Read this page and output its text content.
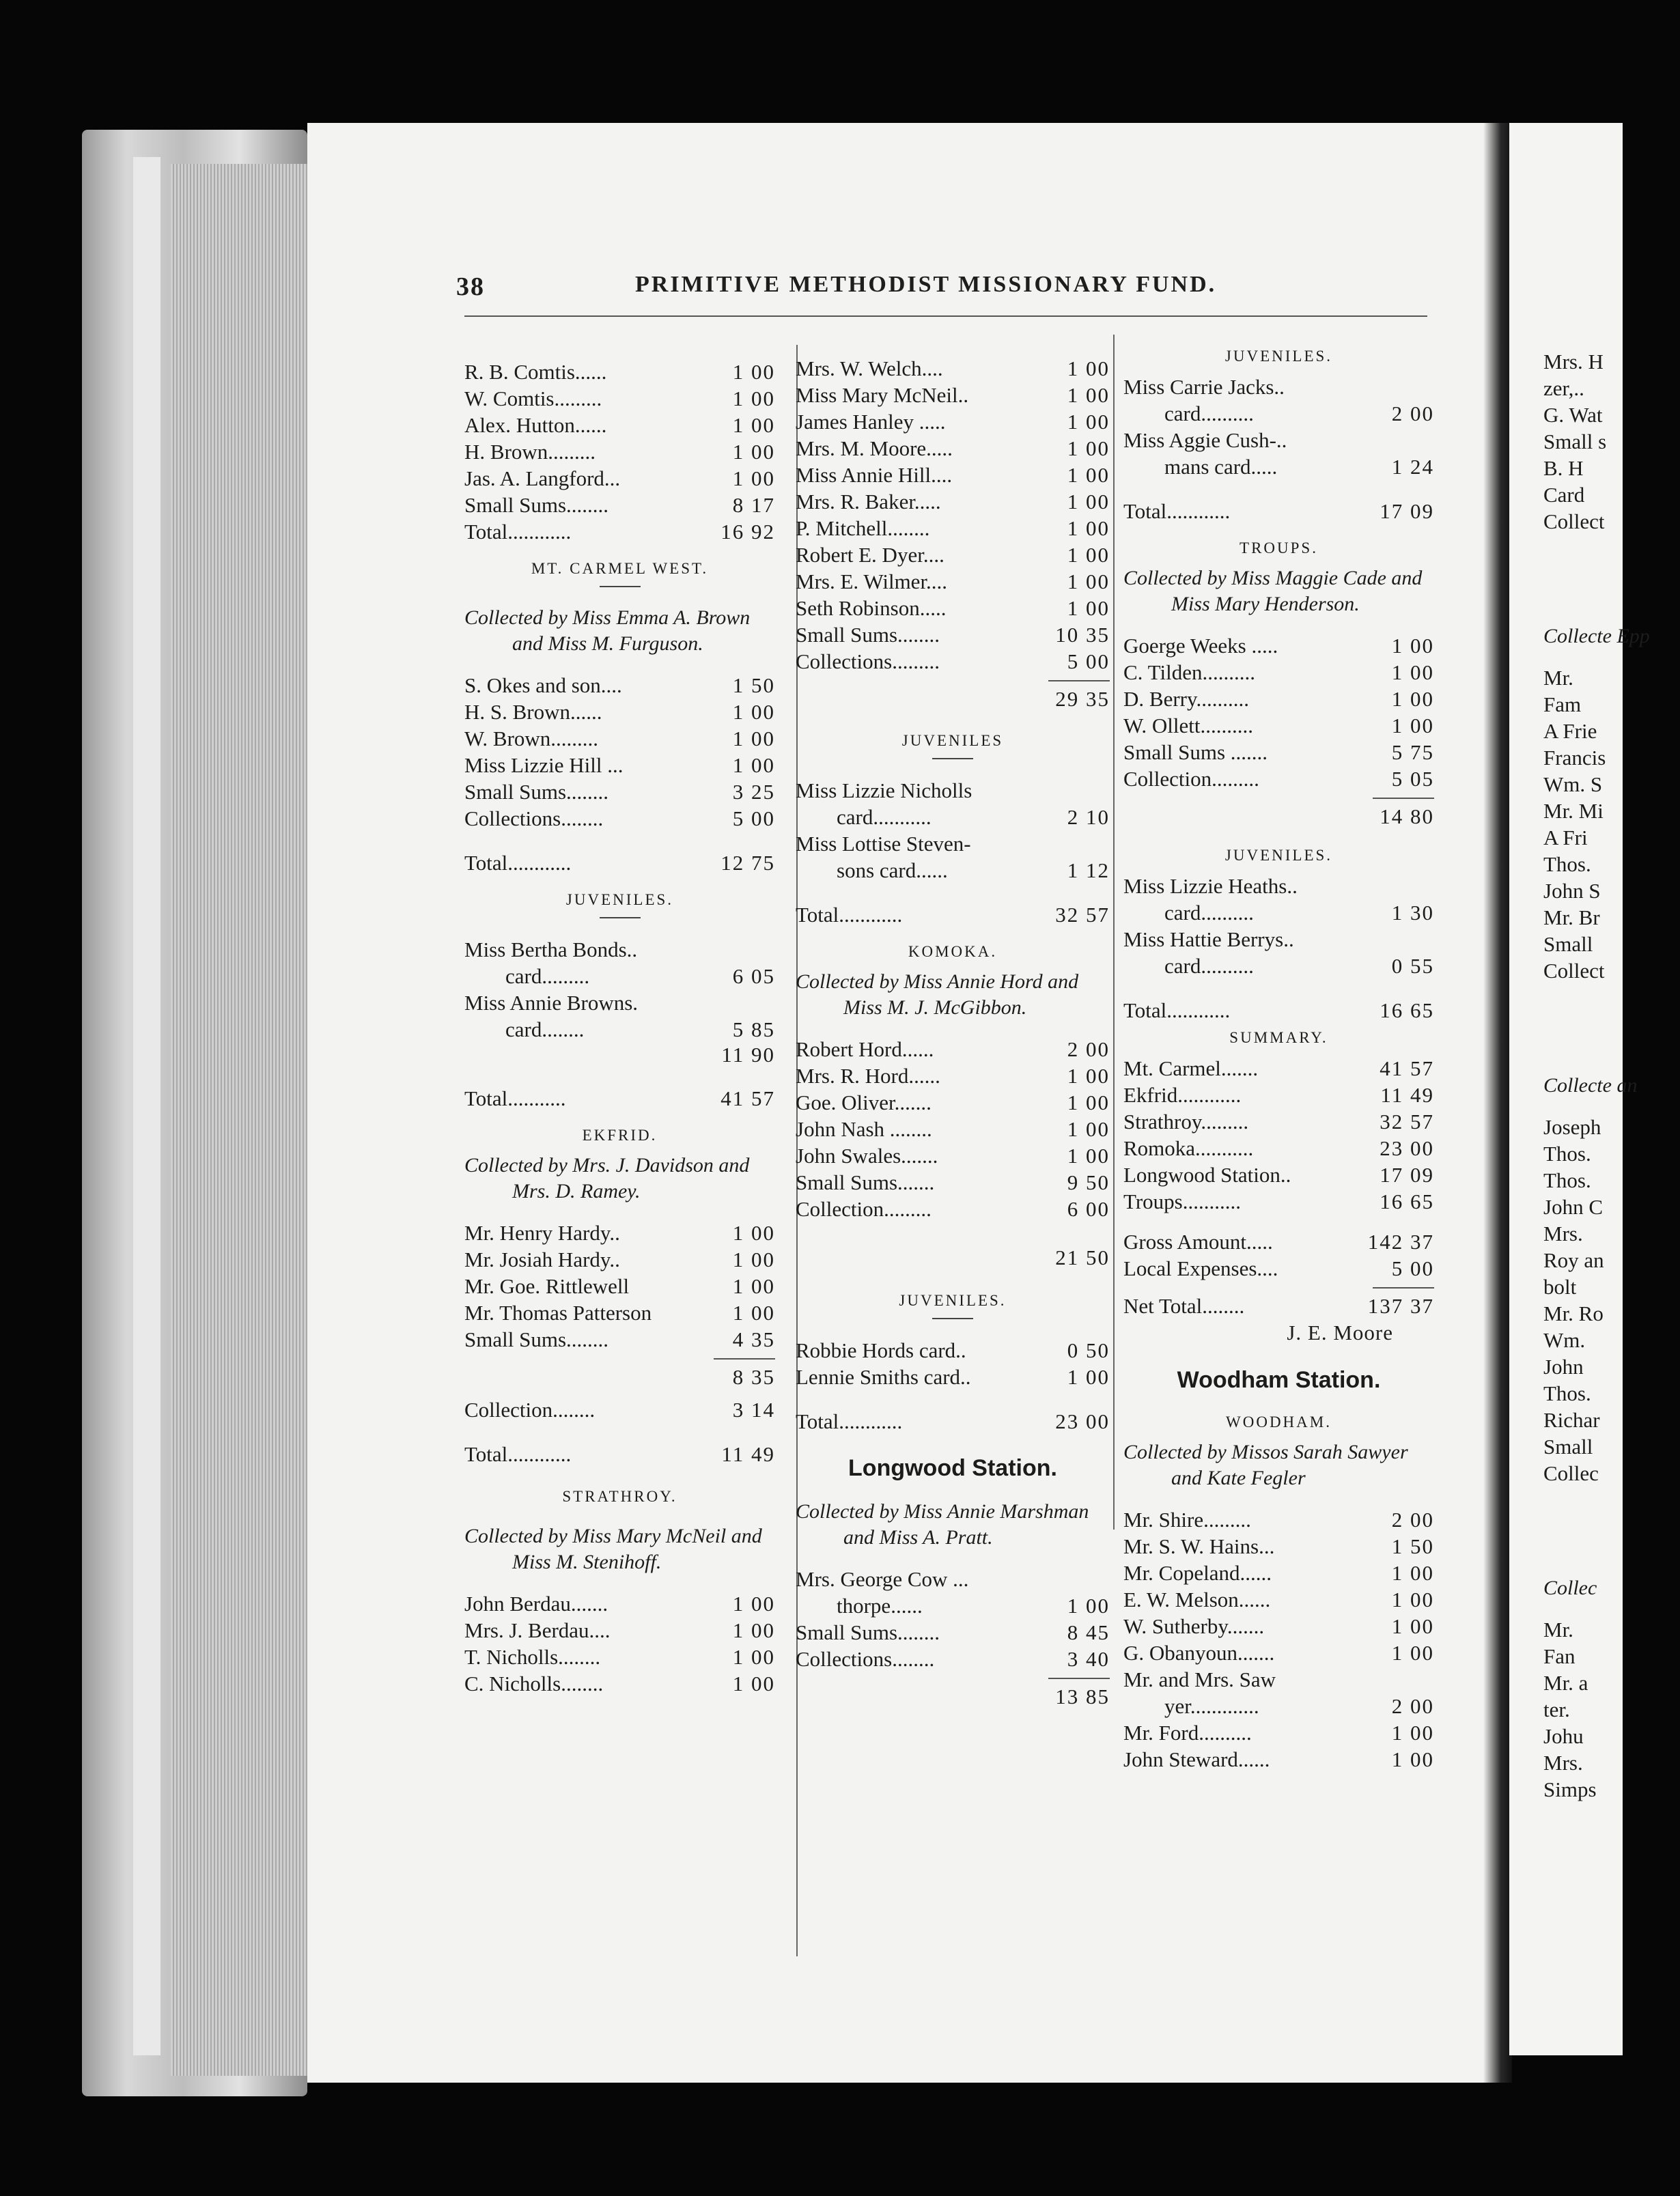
38	PRIMITIVE METHODIST MISSIONARY FUND.
R. B. Comtis......	1 00
W. Comtis.........	1 00
Alex. Hutton......	1 00
H. Brown.........	1 00
Jas. A. Langford...	1 00
Small Sums........	8 17
Total............	16 92
MT. CARMEL WEST.
Collected by Miss Emma A. Brown and Miss M. Furguson.
S. Okes and son....	1 50
H. S. Brown......	1 00
W. Brown.........	1 00
Miss Lizzie Hill ...	1 00
Small Sums........	3 25
Collections........	5 00
Total............	12 75
JUVENILES.
Miss Bertha Bonds..
card.........	6 05
Miss Annie Browns.
card........	5 85
11 90
Total...........	41 57
EKFRID.
Collected by Mrs. J. Davidson and Mrs. D. Ramey.
Mr. Henry Hardy..	1 00
Mr. Josiah Hardy..	1 00
Mr. Goe. Rittlewell	1 00
Mr. Thomas Patterson	1 00
Small Sums........	4 35
8 35
Collection........	3 14
Total............	11 49
STRATHROY.
Collected by Miss Mary McNeil and Miss M. Stenihoff.
John Berdau.......	1 00
Mrs. J. Berdau....	1 00
T. Nicholls........	1 00
C. Nicholls........	1 00
Mrs. W. Welch....	1 00
Miss Mary McNeil..	1 00
James Hanley .....	1 00
Mrs. M. Moore.....	1 00
Miss Annie Hill....	1 00
Mrs. R. Baker.....	1 00
P. Mitchell........	1 00
Robert E. Dyer....	1 00
Mrs. E. Wilmer....	1 00
Seth Robinson.....	1 00
Small Sums........	10 35
Collections.........	5 00
29 35
JUVENILES
Miss Lizzie Nicholls
card...........	2 10
Miss Lottise Steven-
sons card......	1 12
Total............	32 57
KOMOKA.
Collected by Miss Annie Hord and Miss M. J. McGibbon.
Robert Hord......	2 00
Mrs. R. Hord......	1 00
Goe. Oliver.......	1 00
John Nash ........	1 00
John Swales.......	1 00
Small Sums.......	9 50
Collection.........	6 00
21 50
JUVENILES.
Robbie Hords card..	0 50
Lennie Smiths card..	1 00
Total............	23 00
Longwood Station.
Collected by Miss Annie Marshman and Miss A. Pratt.
Mrs. George Cow ...
thorpe......	1 00
Small Sums........	8 45
Collections........	3 40
13 85
JUVENILES.
Miss Carrie Jacks..
card..........	2 00
Miss Aggie Cush-..
mans card.....	1 24
Total............	17 09
TROUPS.
Collected by Miss Maggie Cade and Miss Mary Henderson.
Goerge Weeks .....	1 00
C. Tilden..........	1 00
D. Berry..........	1 00
W. Ollett..........	1 00
Small Sums .......	5 75
Collection.........	5 05
14 80
JUVENILES.
Miss Lizzie Heaths..
card..........	1 30
Miss Hattie Berrys..
card..........	0 55
Total............	16 65
SUMMARY.
Mt. Carmel.......	41 57
Ekfrid............	11 49
Strathroy.........	32 57
Romoka...........	23 00
Longwood Station..	17 09
Troups...........	16 65
Gross Amount.....	142 37
Local Expenses....	5 00
Net Total........	137 37
J. E. Moore
Woodham Station.
WOODHAM.
Collected by Missos Sarah Sawyer and Kate Fegler
Mr. Shire.........	2 00
Mr. S. W. Hains...	1 50
Mr. Copeland......	1 00
E. W. Melson......	1 00
W. Sutherby.......	1 00
G. Obanyoun.......	1 00
Mr. and Mrs. Saw
yer.............	2 00
Mr. Ford..........	1 00
John Steward......	1 00
Mrs. H
zer,..
G. Wat
Small s
B. H
Card
Collect
Collecte Epp
Mr.
Fam
A Frie
Francis
Wm. S
Mr. Mi
A Fri
Thos.
John S
Mr. Br
Small
Collect
Collecte an
Joseph
Thos.
Thos.
John C
Mrs.
Roy an
bolt
Mr. Ro
Wm.
John
Thos.
Richar
Small
Collec
Collec
Mr.
Fan
Mr. a
ter.
Johu
Mrs.
Simps
